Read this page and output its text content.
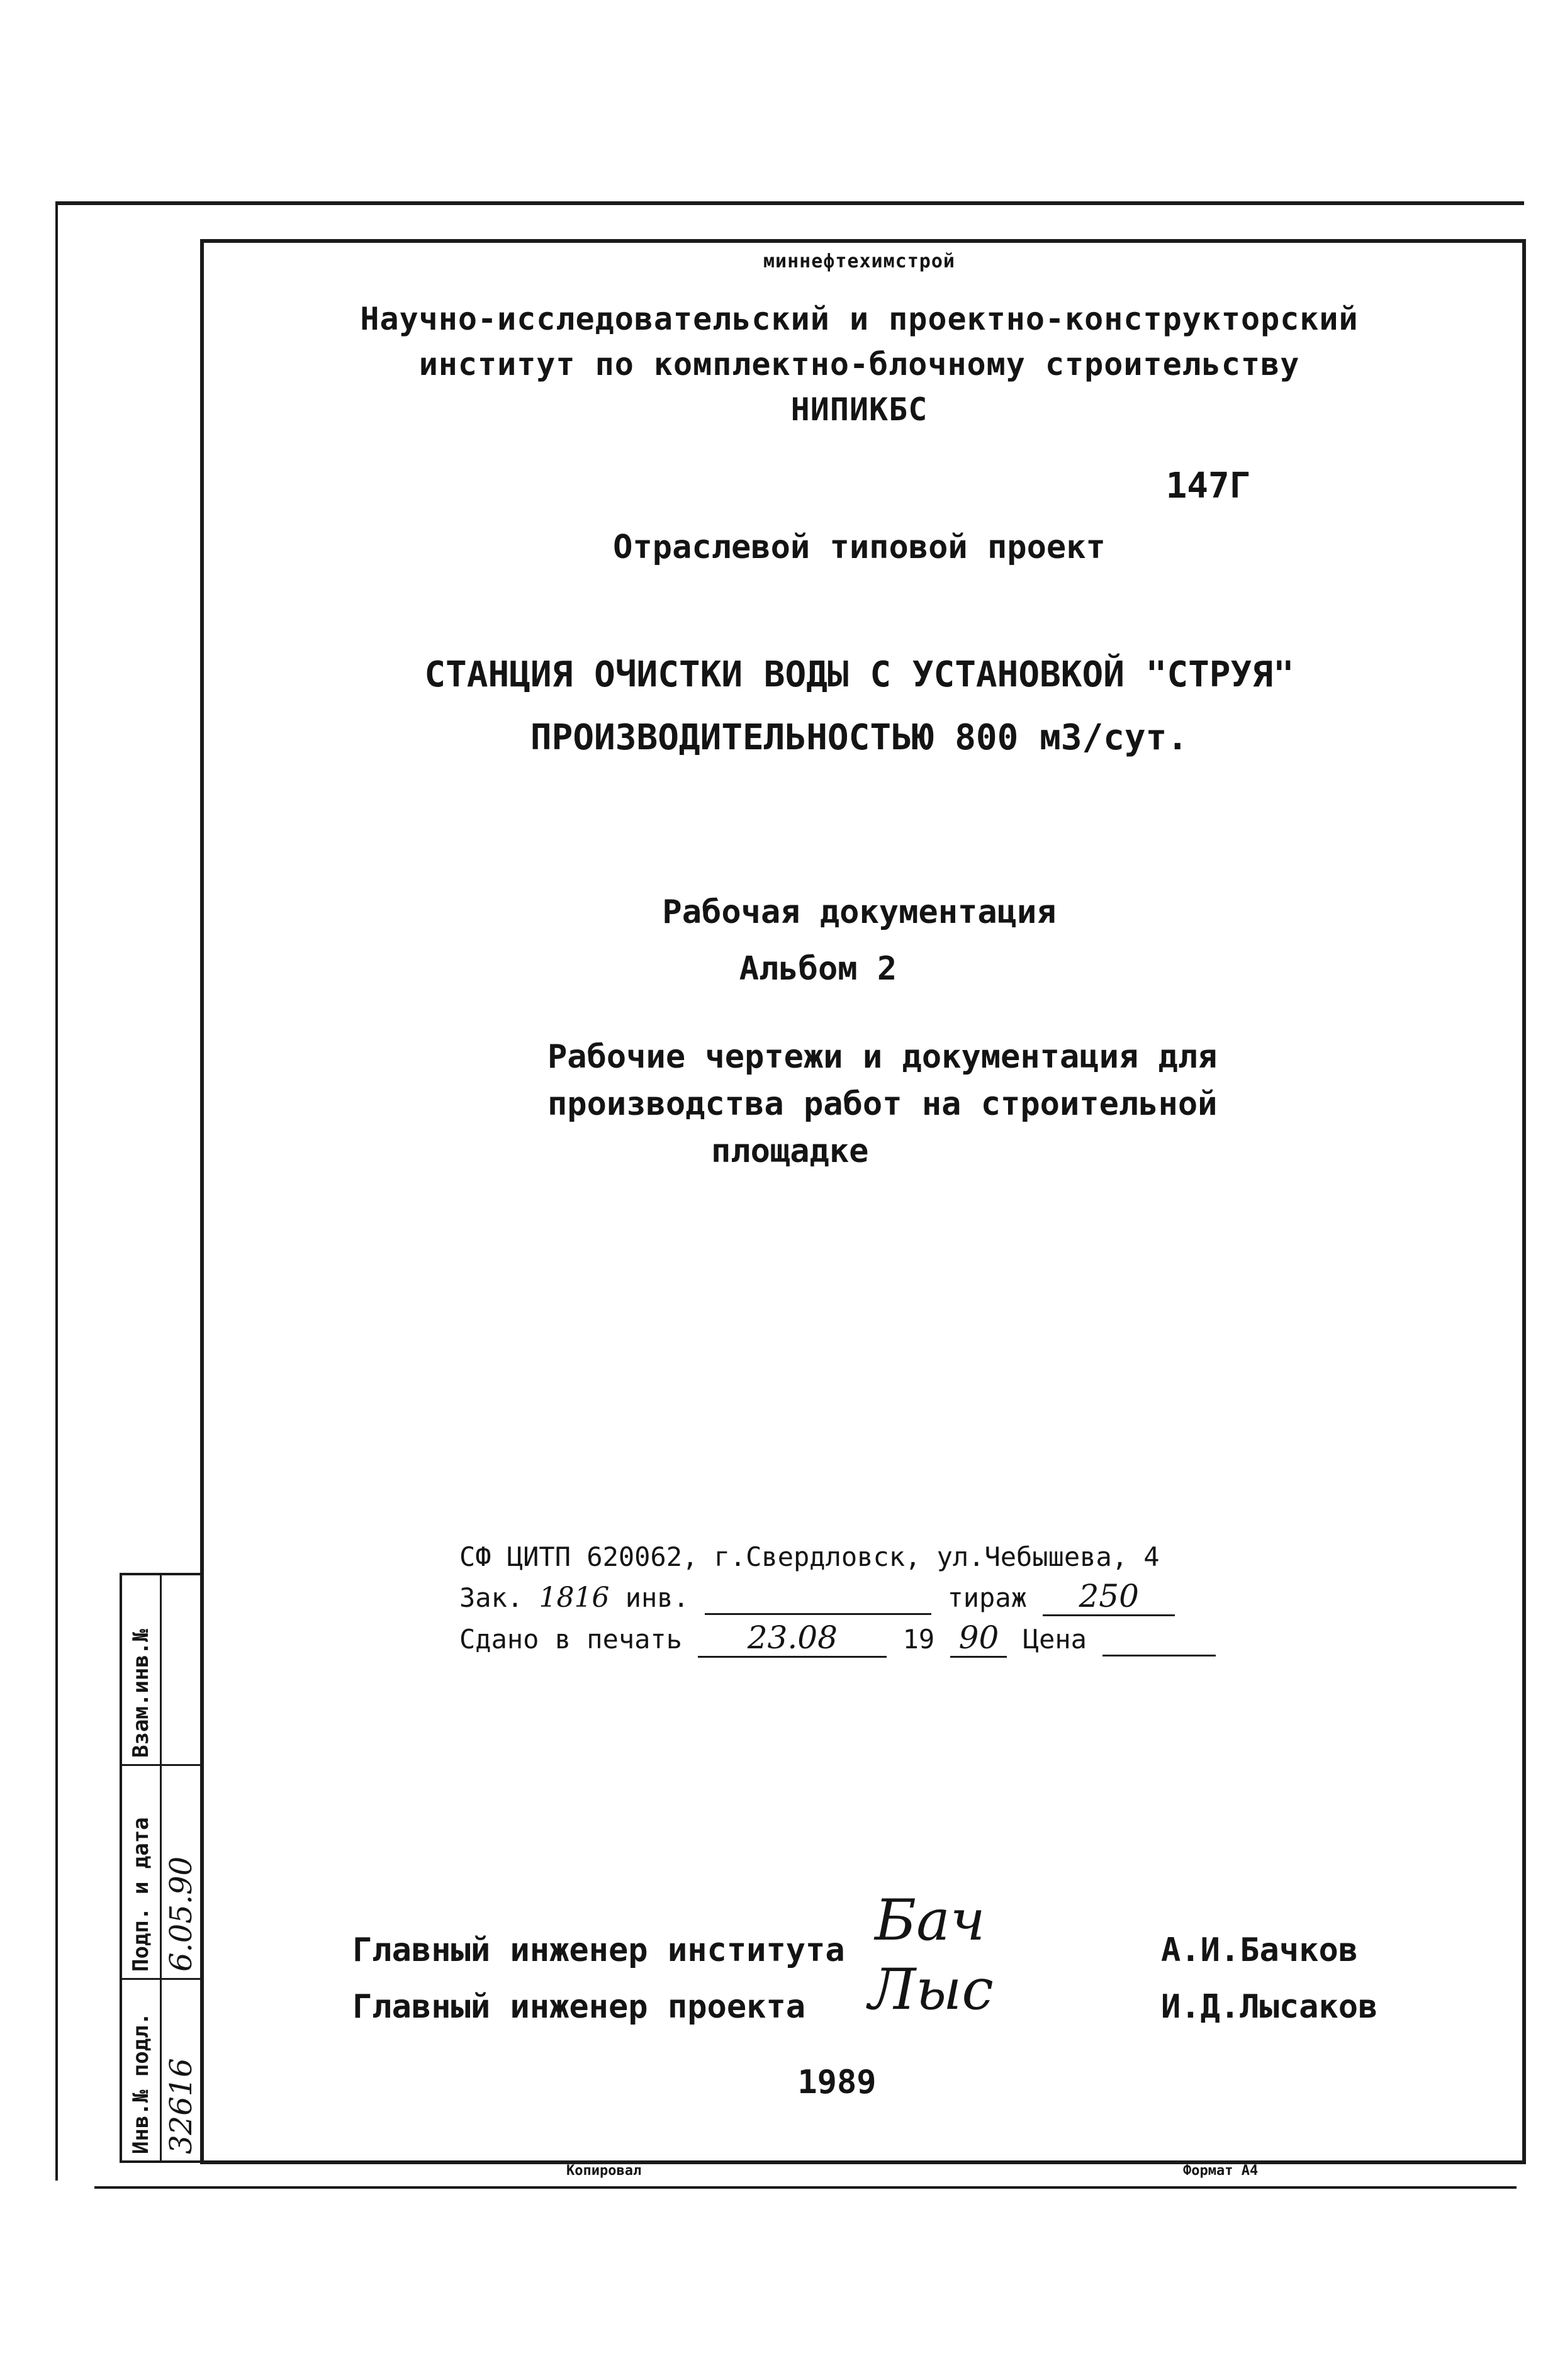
миннефтехимстрой
Научно-исследовательский и проектно-конструкторский
институт по комплектно-блочному строительству
НИПИКБС
147Г
Отраслевой типовой проект
СТАНЦИЯ ОЧИСТКИ ВОДЫ С УСТАНОВКОЙ "СТРУЯ"
ПРОИЗВОДИТЕЛЬНОСТЬЮ 800 м3/сут.
Рабочая документация
Альбом 2
Рабочие чертежи и документация для
производства работ на строительной
площадке
СФ ЦИТП 620062, г.Свердловск, ул.Чебышева, 4
Зак. 1816 инв.	тираж 250
Сдано в печать 23.08 19 90 Цена
Главный инженер института Бач	А.И.Бачков
Главный инженер проекта Лыс	И.Д.Лысаков
1989
Взам.инв.№
Подп. и дата 6.05.90
Инв.№ подл. 32616
Копировал	Формат А4
